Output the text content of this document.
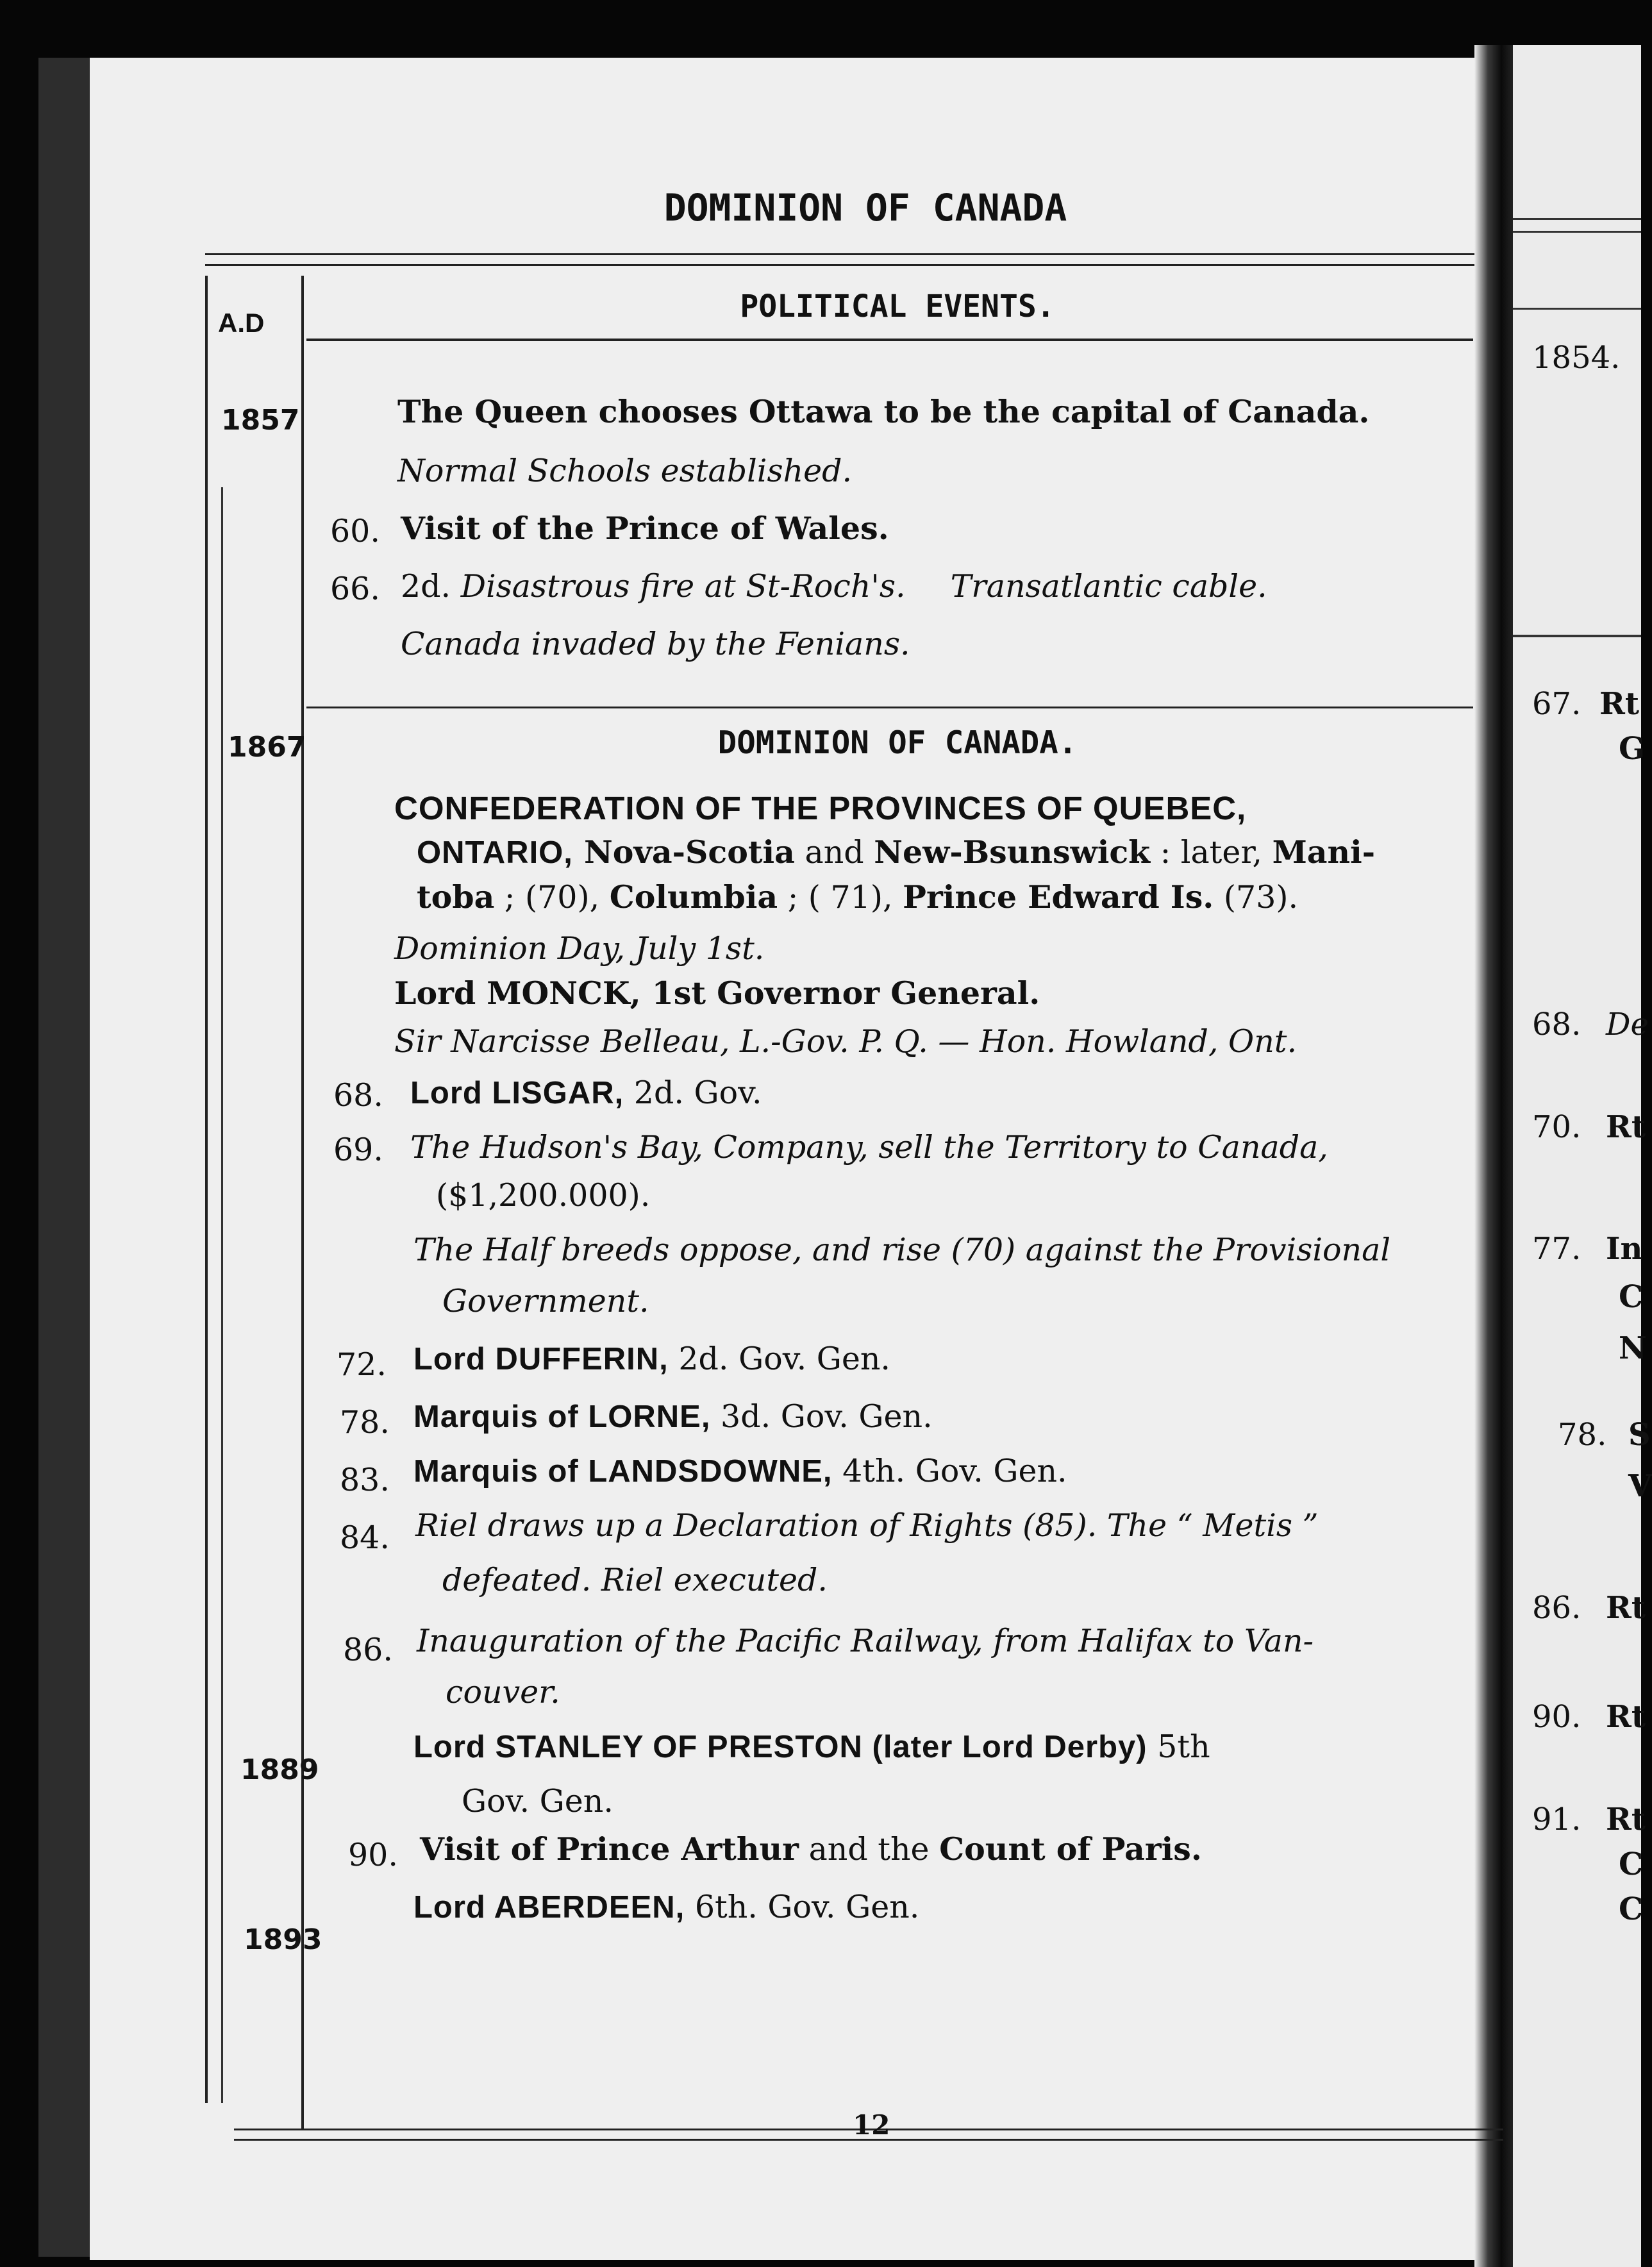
1854.
67. Rt
G
68. De
70. Rt
77. In
C
N
78. S
V
86. Rt
90. Rt
91. Rt
C
C
DOMINION OF CANADA
A.D	POLITICAL EVENTS.
1857
1867
1889
1893
The Queen chooses Ottawa to be the capital of Canada.
Normal Schools established.
60. Visit of the Prince of Wales.
66. 2d. Disastrous fire at St-Roch's. Transatlantic cable.
Canada invaded by the Fenians.
DOMINION OF CANADA.
CONFEDERATION OF THE PROVINCES OF QUEBEC,
ONTARIO, Nova-Scotia and New-Bsunswick : later, Mani-
toba ; (70), Columbia ; ( 71), Prince Edward Is. (73).
Dominion Day, July 1st.
Lord MONCK, 1st Governor General.
Sir Narcisse Belleau, L.-Gov. P. Q. — Hon. Howland, Ont.
68. Lord LISGAR, 2d. Gov.
69. The Hudson's Bay, Company, sell the Territory to Canada,
($1,200.000).
The Half breeds oppose, and rise (70) against the Provisional
Government.
72. Lord DUFFERIN, 2d. Gov. Gen.
78. Marquis of LORNE, 3d. Gov. Gen.
83. Marquis of LANDSDOWNE, 4th. Gov. Gen.
84. Riel draws up a Declaration of Rights (85). The “ Metis ”
defeated. Riel executed.
86. Inauguration of the Pacific Railway, from Halifax to Van-
couver.
Lord STANLEY OF PRESTON (later Lord Derby) 5th
Gov. Gen.
90. Visit of Prince Arthur and the Count of Paris.
Lord ABERDEEN, 6th. Gov. Gen.
12
